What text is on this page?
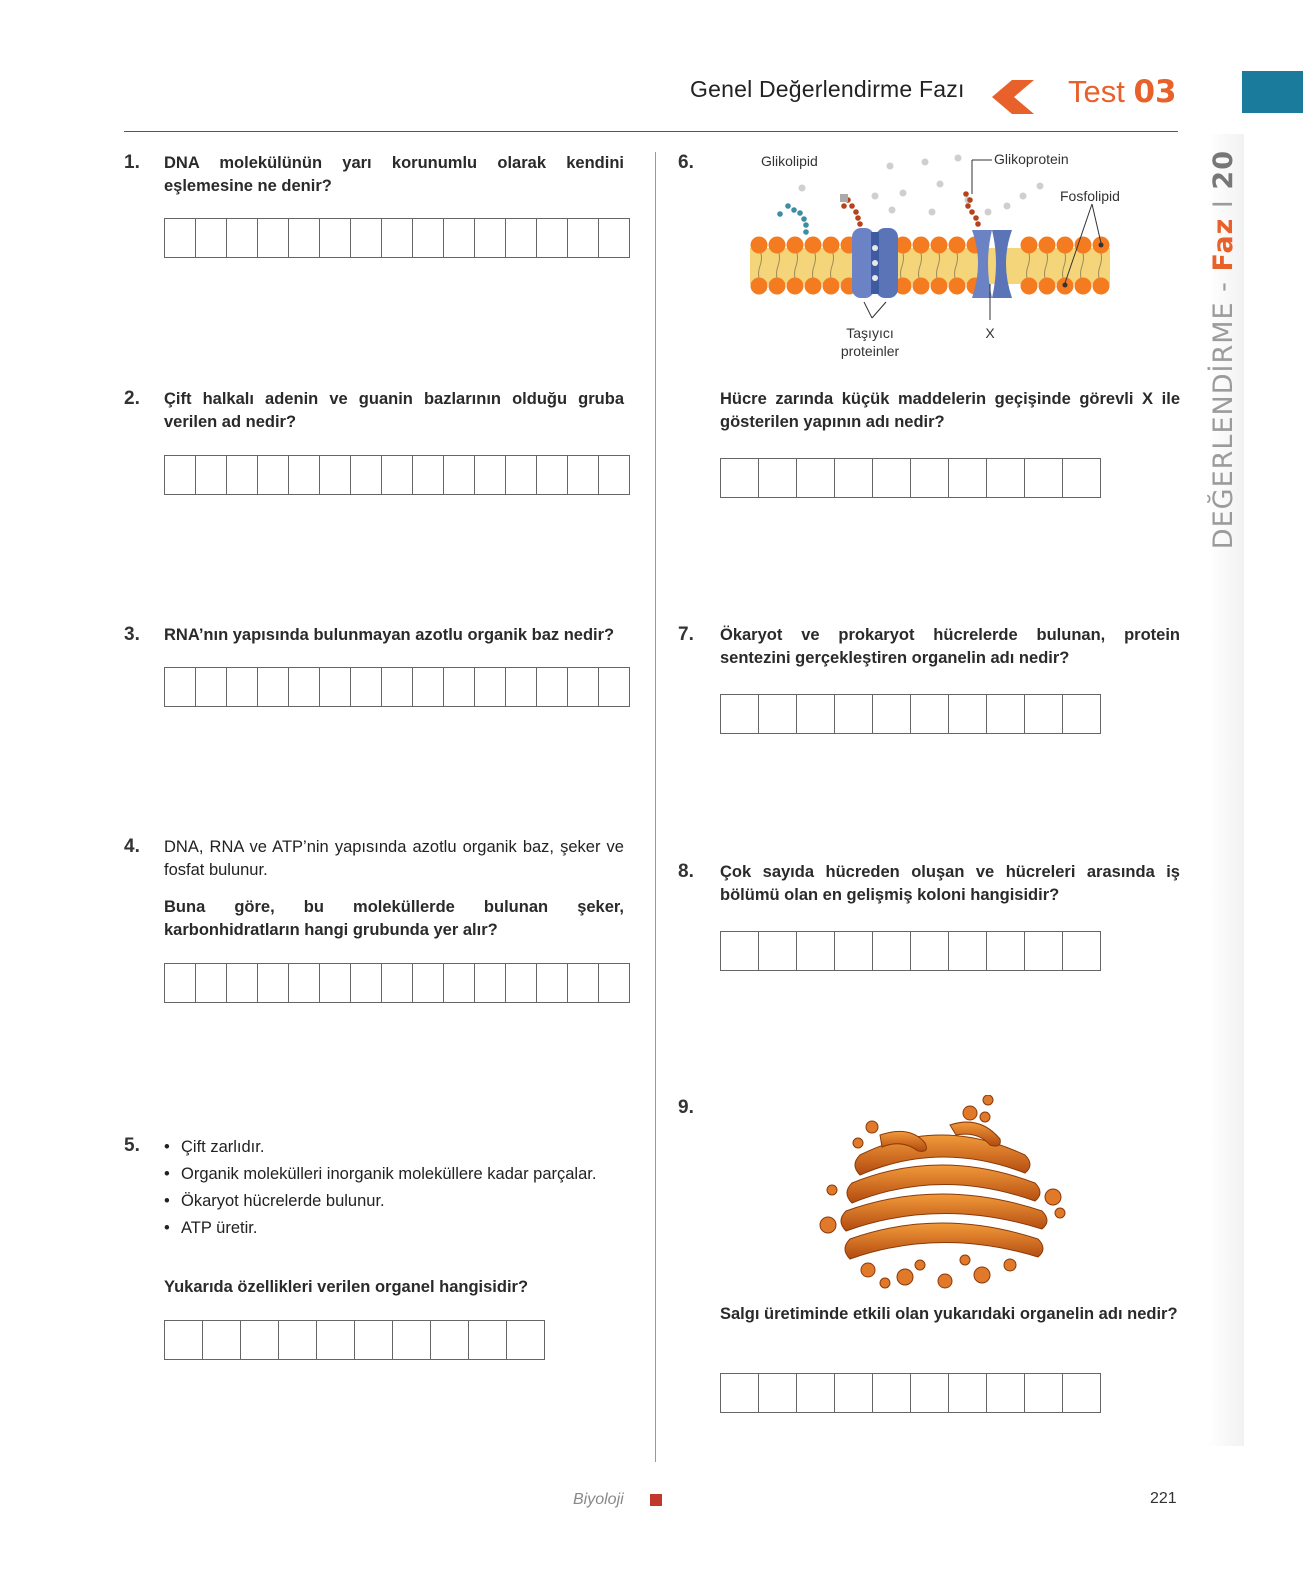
Genel Değerlendirme Fazı	Test 03
DEĞERLENDİRME - Faz I 20
1. DNA molekülünün yarı korunumlu olarak kendini eşlemesine ne denir?
2. Çift halkalı adenin ve guanin bazlarının olduğu gruba verilen ad nedir?
3. RNA’nın yapısında bulunmayan azotlu organik baz nedir?
4. DNA, RNA ve ATP’nin yapısında azotlu organik baz, şeker ve fosfat bulunur.
Buna göre, bu moleküllerde bulunan şeker, karbonhidratların hangi grubunda yer alır?
5.
•	Çift zarlıdır.
• Organik molekülleri inorganik moleküllere kadar parçalar.
• Ökaryot hücrelerde bulunur.
• ATP üretir.
Yukarıda özellikleri verilen organel hangisidir?
6.	Glikolipid	Glikoprotein
Fosfolipid
Taşıyıcı
proteinler
X
Hücre zarında küçük maddelerin geçişinde görevli X ile gösterilen yapının adı nedir?
7. Ökaryot ve prokaryot hücrelerde bulunan, protein sentezini gerçekleştiren organelin adı nedir?
8. Çok sayıda hücreden oluşan ve hücreleri arasında iş bölümü olan en gelişmiş koloni hangisidir?
9.
Salgı üretiminde etkili olan yukarıdaki organelin adı nedir?
Biyoloji	221
